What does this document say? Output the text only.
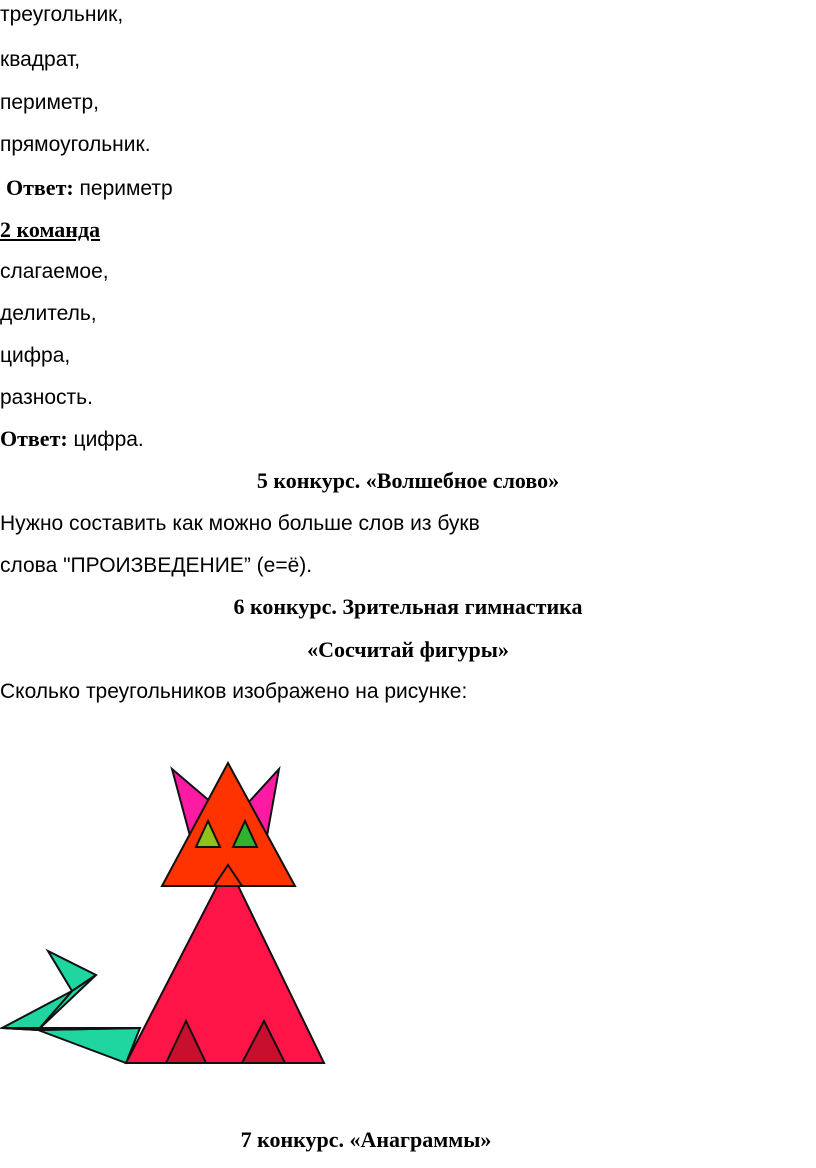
треугольник,
квадрат,
периметр,
прямоугольник.
Ответ: периметр
2 команда
слагаемое,
делитель,
цифра,
разность.
Ответ: цифра.
5 конкурс. «Волшебное слово»
Нужно составить как можно больше слов из букв
слова "ПРОИЗВЕДЕНИЕ” (е=ё).
6 конкурс. Зрительная гимнастика
«Сосчитай фигуры»
Сколько треугольников изображено на рисунке:
7 конкурс. «Анаграммы»
